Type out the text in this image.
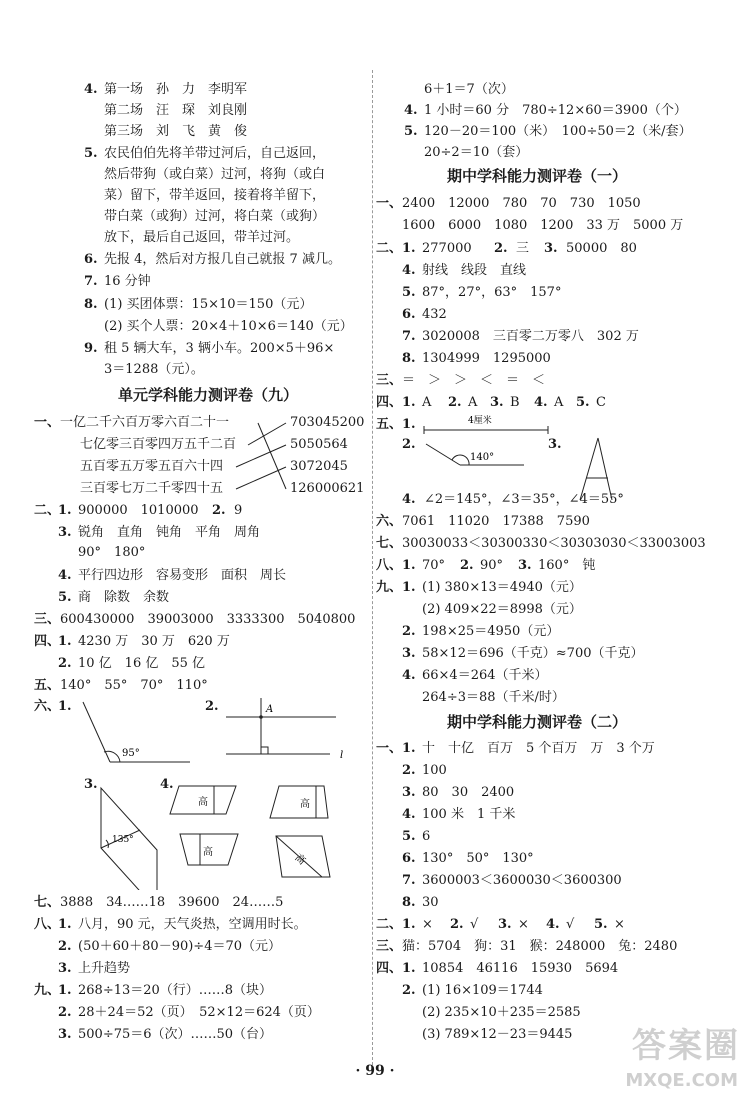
4. 第一场　孙　力　李明军
第二场　汪　琛　刘良刚
第三场　刘　飞　黄　俊
5. 农民伯伯先将羊带过河后，自己返回，
然后带狗（或白菜）过河，将狗（或白
菜）留下，带羊返回，接着将羊留下，
带白菜（或狗）过河，将白菜（或狗）
放下，最后自己返回，带羊过河。
6. 先报 4，然后对方报几自己就报 7 减几。
7. 16 分钟
8. (1) 买团体票：15×10＝150（元）
(2) 买个人票：20×4＋10×6＝140（元）
9. 租 5 辆大车，3 辆小车。200×5＋96×
3＝1288（元）。
单元学科能力测评卷（九）
一、 一亿二千六百万零六百二十一
七亿零三百零四万五千二百
五百零五万零五百六十四
三百零七万二千零四十五
703045200
5050564
3072045
126000621
二、
1. 900000　1010000 2. 9
3. 锐角　直角　钝角　平角　周角
90°　180°
4. 平行四边形　容易变形　面积　周长
5. 商　除数　余数
三、 600430000　39003000　3333300　5040800
四、
1. 4230 万　30 万　620 万
2. 10 亿　16 亿　55 亿
五、 140°　55°　70°　110°
六、
1.	2.
3.	4.
95°
A
l
135°
高	高
高	高
七、 3888　34……18　39600　24……5
八、
1. 八月，90 元，天气炎热，空调用时长。
2. (50＋60＋80－90)÷4＝70（元）
3. 上升趋势
九、
1. 268÷13＝20（行）……8（块）
2. 28＋24＝52（页）　52×12＝624（页）
3. 500÷75＝6（次）……50（台）
6＋1＝7（次）
4. 1 小时＝60 分　780÷12×60＝3900（个）
5. 120－20＝100（米）　100÷50＝2（米/套）
20÷2＝10（套）
期中学科能力测评卷（一）
一、 2400　12000　780　70　730　1050
1600　6000　1080　1200　33 万　5000 万
二、 1. 277000 2. 三 3. 50000　80
4. 射线　线段　直线
5. 87°，27°，63°　157°
6. 432
7. 3020008　三百零二万零八　302 万
8. 1304999　1295000
三、 ＝　＞　＞　＜　＝　＜
四、 1. A 2. A 3. B 4. A 5. C
五、 1.
2.	3.
4厘米
140°
4. ∠2＝145°，∠3＝35°，∠4＝55°
六、 7061　11020　17388　7590
七、 30030033＜30300330＜30303030＜33003003
八、 1. 70° 2. 90° 3. 160°　钝
九、 1. (1) 380×13＝4940（元）
(2) 409×22＝8998（元）
2. 198×25＝4950（元）
3. 58×12＝696（千克）≈700（千克）
4. 66×4＝264（千米）
264÷3＝88（千米/时）
期中学科能力测评卷（二）
一、 1. 十　十亿　百万　5 个百万　万　3 个万
2. 100
3. 80　30　2400
4. 100 米　1 千米
5. 6
6. 130°　50°　130°
7. 3600003＜3600030＜3600300
8. 30
二、 1. × 2. √ 3. × 4. √ 5. ×
三、 猫：5704　狗：31　猴：248000　兔：2480
四、 1. 10854　46116　15930　5694
2. (1) 16×109＝1744
(2) 235×10＋235＝2585
(3) 789×12－23＝9445
· 99 ·
答案圈
MXQE.COM
